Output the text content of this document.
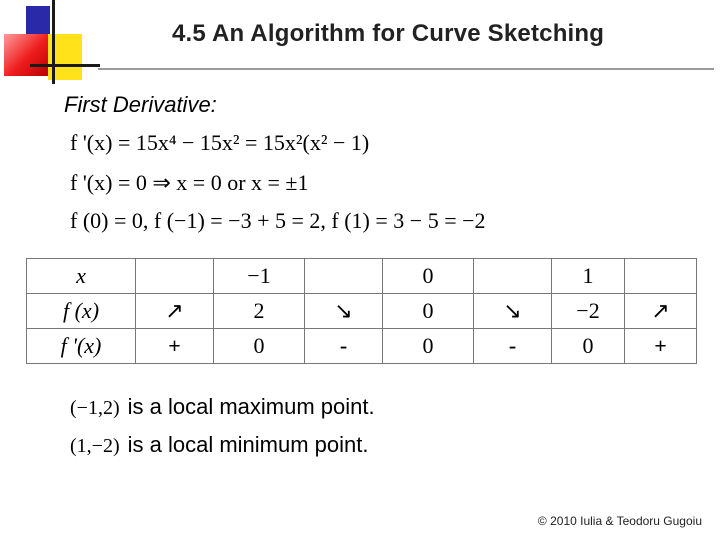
4.5 An Algorithm for Curve Sketching
First Derivative:
f '(x) = 15x⁴ − 15x² = 15x²(x² − 1)
f '(x) = 0 ⇒ x = 0 or x = ±1
f (0) = 0, f (−1) = −3 + 5 = 2, f (1) = 3 − 5 = −2
x		−1		0		1	
f (x)	↗	2	↘	0	↘	−2	↗
f '(x)	+	0	-	0	-	0	+
(−1,2) is a local maximum point.
(1,−2) is a local minimum point.
© 2010 Iulia & Teodoru Gugoiu
